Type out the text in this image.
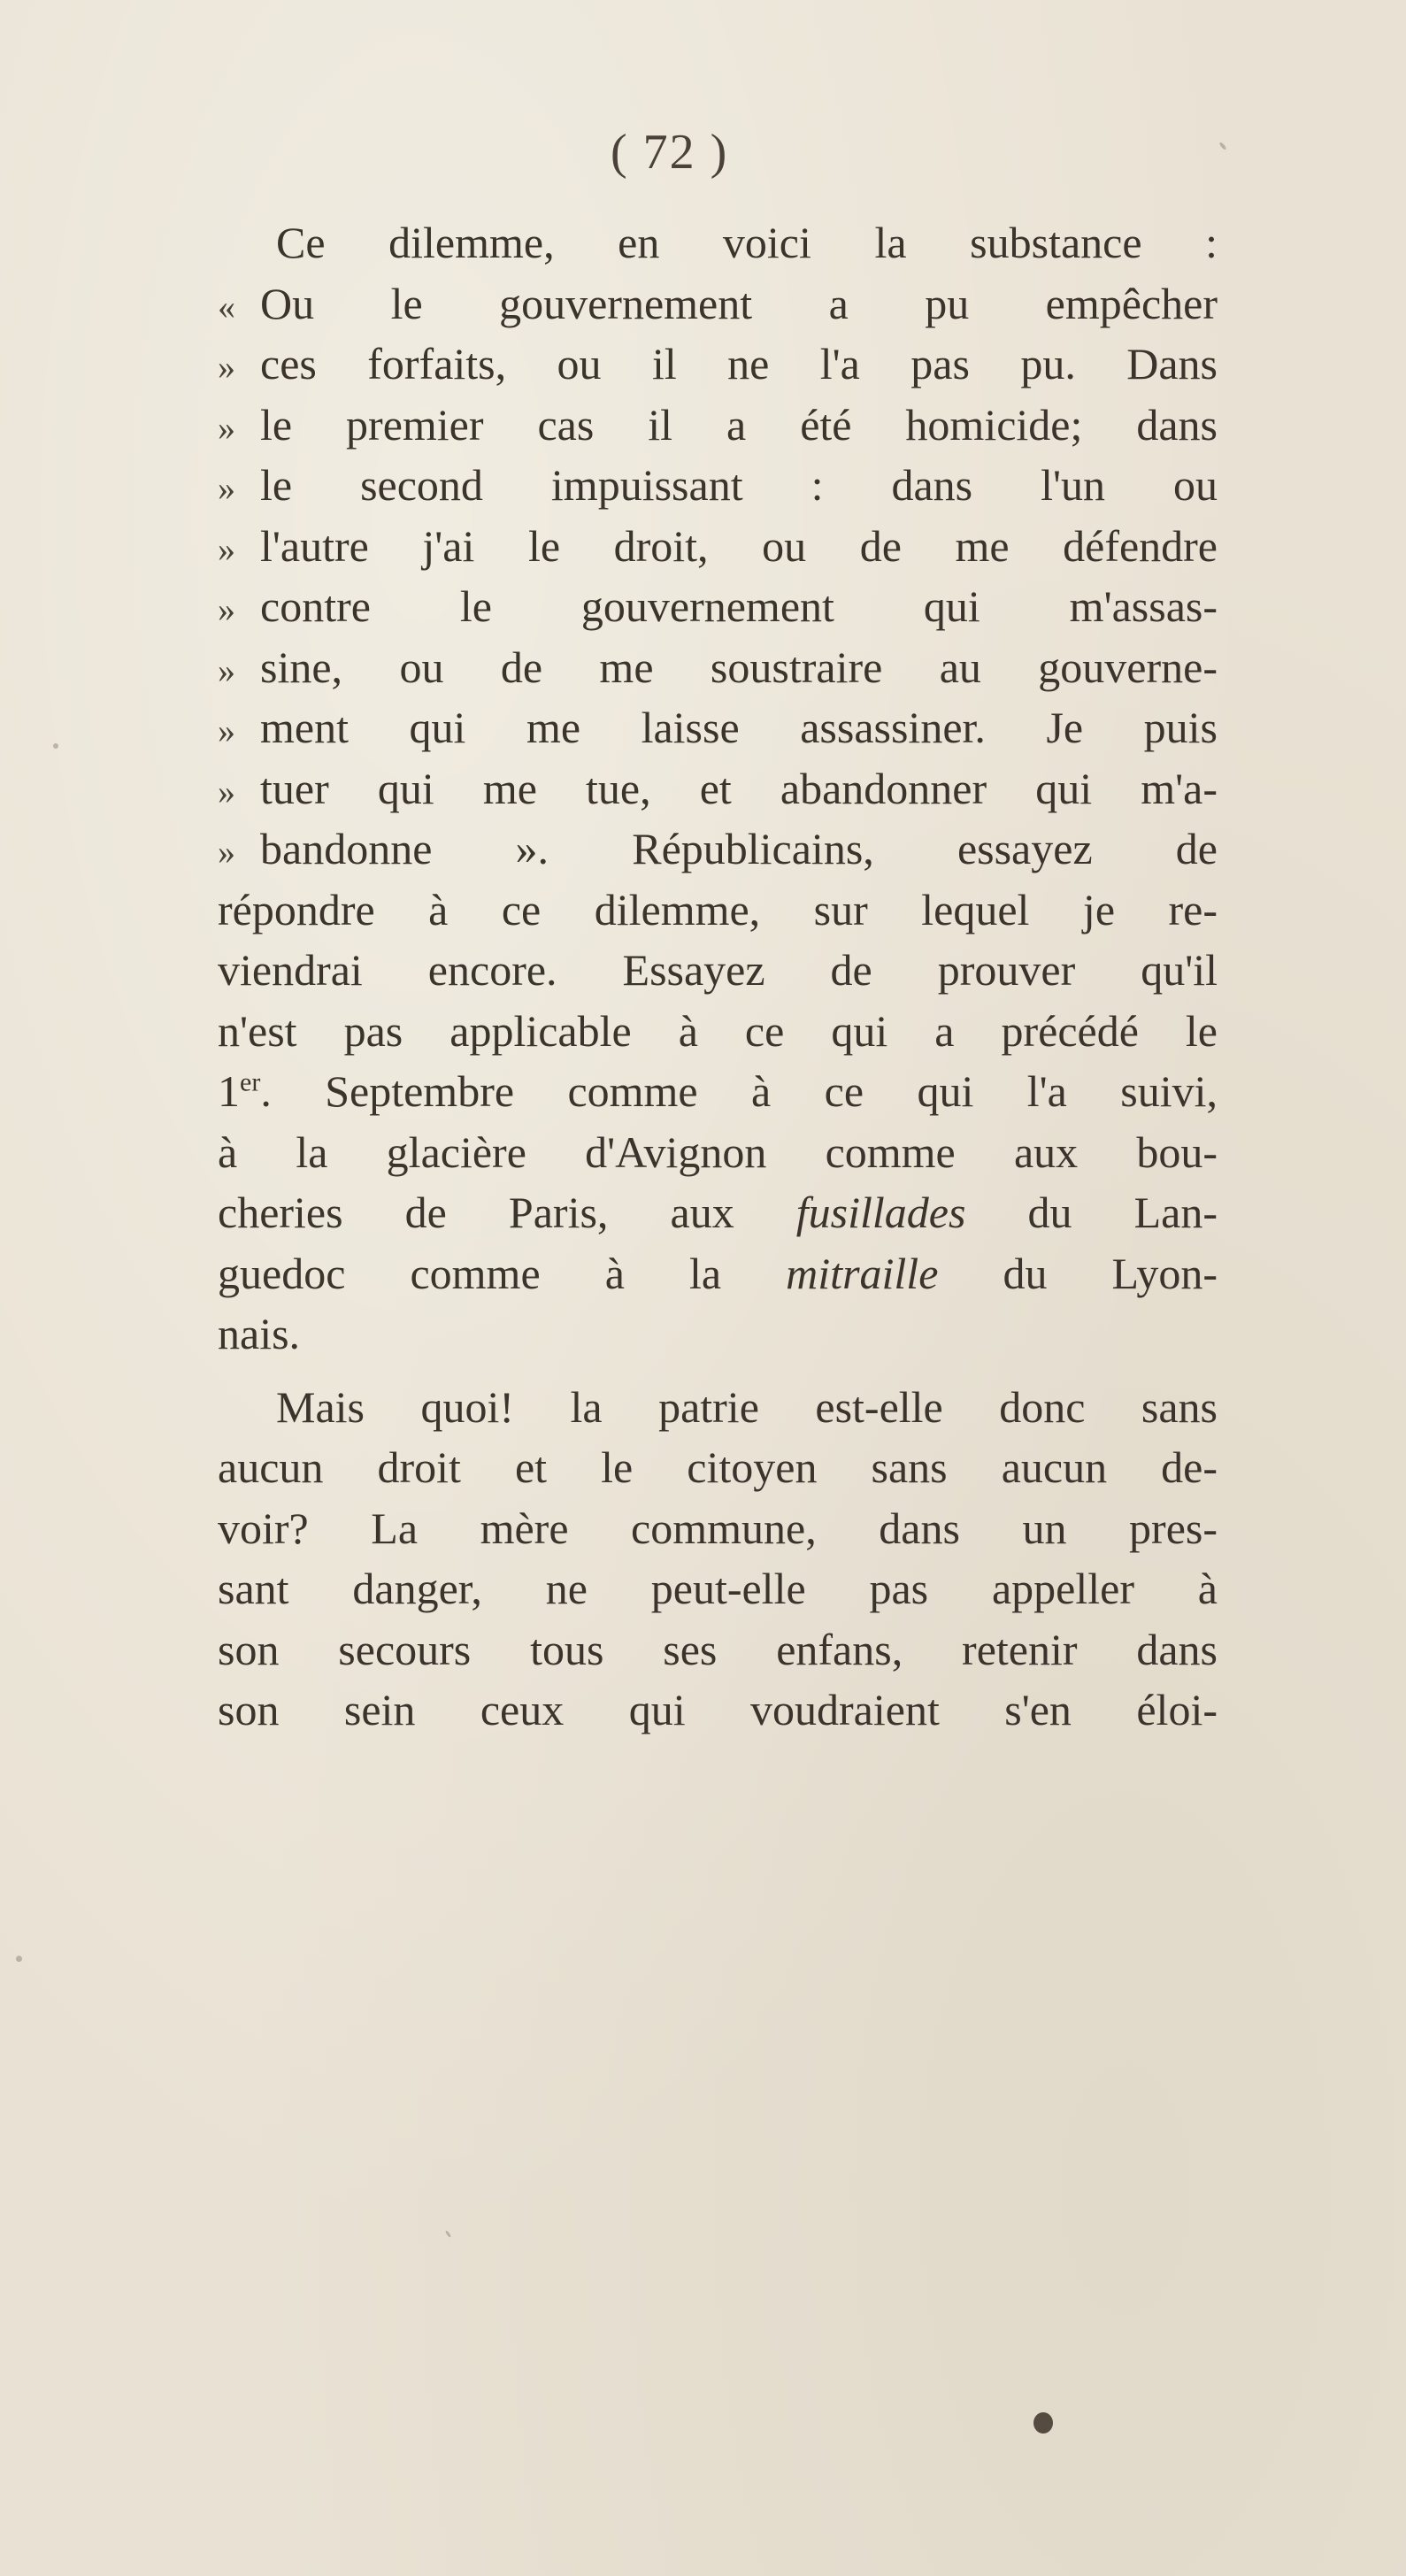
( 72 )
Ce dilemme, en voici la substance :
« Ou le gouvernement a pu empêcher
» ces forfaits, ou il ne l'a pas pu. Dans
» le premier cas il a été homicide; dans
» le second impuissant : dans l'un ou
» l'autre j'ai le droit, ou de me défendre
» contre le gouvernement qui m'assas-
» sine, ou de me soustraire au gouverne-
» ment qui me laisse assassiner. Je puis
» tuer qui me tue, et abandonner qui m'a-
» bandonne ». Républicains, essayez de
répondre à ce dilemme, sur lequel je re-
viendrai encore. Essayez de prouver qu'il
n'est pas applicable à ce qui a précédé le
1er. Septembre comme à ce qui l'a suivi,
à la glacière d'Avignon comme aux bou-
cheries de Paris, aux fusillades du Lan-
guedoc comme à la mitraille du Lyon-
nais.
Mais quoi! la patrie est-elle donc sans
aucun droit et le citoyen sans aucun de-
voir? La mère commune, dans un pres-
sant danger, ne peut-elle pas appeller à
son secours tous ses enfans, retenir dans
son sein ceux qui voudraient s'en éloi-
